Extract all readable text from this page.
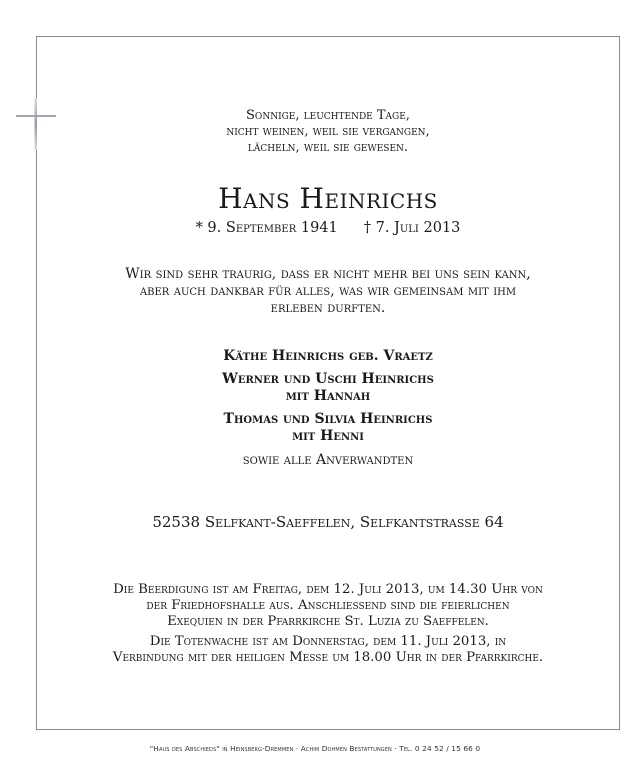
Sonnige, leuchtende Tage,
nicht weinen, weil sie vergangen,
lächeln, weil sie gewesen.
Hans Heinrichs
* 9. September 1941 † 7. Juli 2013
Wir sind sehr traurig, dass er nicht mehr bei uns sein kann,
aber auch dankbar für alles, was wir gemeinsam mit ihm
erleben durften.
Käthe Heinrichs geb. Vraetz
Werner und Uschi Heinrichs
mit Hannah
Thomas und Silvia Heinrichs
mit Henni
sowie alle Anverwandten
52538 Selfkant-Saeffelen, Selfkantstrasse 64
Die Beerdigung ist am Freitag, dem 12. Juli 2013, um 14.30 Uhr von
der Friedhofshalle aus. Anschliessend sind die feierlichen
Exequien in der Pfarrkirche St. Luzia zu Saeffelen.
Die Totenwache ist am Donnerstag, dem 11. Juli 2013, in
Verbindung mit der heiligen Messe um 18.00 Uhr in der Pfarrkirche.
"Haus des Abschieds" in Heinsberg-Dremmen · Achim Dohmen Bestattungen · Tel. 0 24 52 / 15 66 0
